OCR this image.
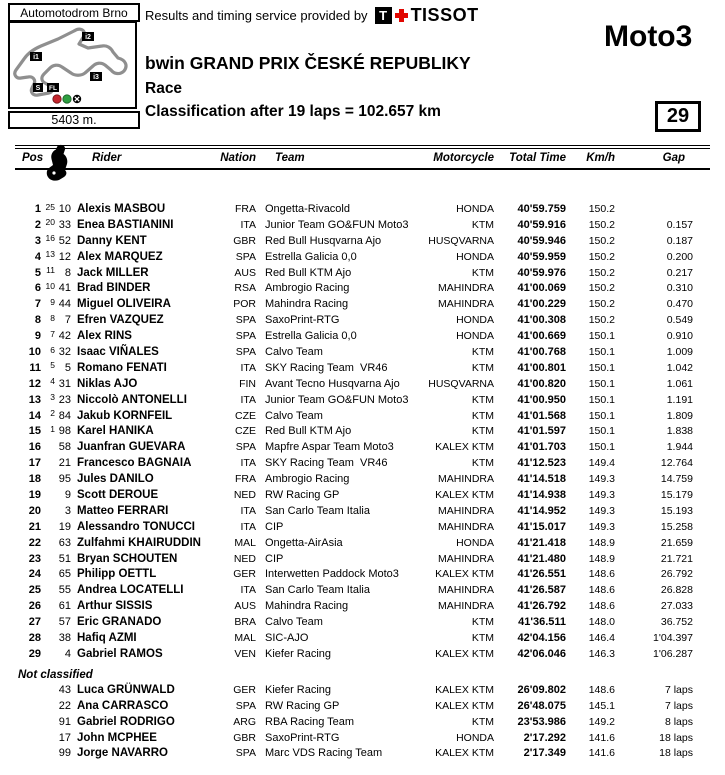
Automotodrom Brno
i1
i2
i3
S FL
5403 m.
Results and timing service provided by T TISSOT
Moto3
bwin GRAND PRIX ČESKÉ REPUBLIKY
Race
Classification after 19 laps = 102.657 km	29
Pos	Rider	Nation	Team	Motorcycle	Total Time	Km/h	Gap
1 25 10 Alexis MASBOU	FRA Ongetta-Rivacold	HONDA	40'59.759	150.2
2 20 33 Enea BASTIANINI	ITA Junior Team GO&FUN Moto3	KTM	40'59.916	150.2	0.157
3 16 52 Danny KENT	GBR Red Bull Husqvarna Ajo	HUSQVARNA	40'59.946	150.2	0.187
4 13 12 Alex MARQUEZ	SPA Estrella Galicia 0,0	HONDA	40'59.959	150.2	0.200
5 11 8 Jack MILLER	AUS Red Bull KTM Ajo	KTM	40'59.976	150.2	0.217
6 10 41 Brad BINDER	RSA Ambrogio Racing	MAHINDRA	41'00.069	150.2	0.310
7	9 44 Miguel OLIVEIRA	POR Mahindra Racing	MAHINDRA	41'00.229	150.2	0.470
8	8 7 Efren VAZQUEZ	SPA SaxoPrint-RTG	HONDA	41'00.308	150.2	0.549
9	7 42 Alex RINS	SPA Estrella Galicia 0,0	HONDA	41'00.669	150.1	0.910
10	6 32 Isaac VIÑALES	SPA Calvo Team	KTM	41'00.768	150.1	1.009
11	5 5 Romano FENATI	ITA SKY Racing Team  VR46	KTM	41'00.801	150.1	1.042
12	4 31 Niklas AJO	FIN Avant Tecno Husqvarna Ajo	HUSQVARNA	41'00.820	150.1	1.061
13	3 23 Niccolò ANTONELLI	ITA Junior Team GO&FUN Moto3	KTM	41'00.950	150.1	1.191
14	2 84 Jakub KORNFEIL	CZE Calvo Team	KTM	41'01.568	150.1	1.809
15	1 98 Karel HANIKA	CZE Red Bull KTM Ajo	KTM	41'01.597	150.1	1.838
16	58 Juanfran GUEVARA	SPA Mapfre Aspar Team Moto3	KALEX KTM	41'01.703	150.1	1.944
17	21 Francesco BAGNAIA	ITA SKY Racing Team  VR46	KTM	41'12.523	149.4	12.764
18	95 Jules DANILO	FRA Ambrogio Racing	MAHINDRA	41'14.518	149.3	14.759
19	9 Scott DEROUE	NED RW Racing GP	KALEX KTM	41'14.938	149.3	15.179
20	3 Matteo FERRARI	ITA San Carlo Team Italia	MAHINDRA	41'14.952	149.3	15.193
21	19 Alessandro TONUCCI	ITA CIP	MAHINDRA	41'15.017	149.3	15.258
22	63 Zulfahmi KHAIRUDDIN	MAL Ongetta-AirAsia	HONDA	41'21.418	148.9	21.659
23	51 Bryan SCHOUTEN	NED CIP	MAHINDRA	41'21.480	148.9	21.721
24	65 Philipp OETTL	GER Interwetten Paddock Moto3	KALEX KTM	41'26.551	148.6	26.792
25	55 Andrea LOCATELLI	ITA San Carlo Team Italia	MAHINDRA	41'26.587	148.6	26.828
26	61 Arthur SISSIS	AUS Mahindra Racing	MAHINDRA	41'26.792	148.6	27.033
27	57 Eric GRANADO	BRA Calvo Team	KTM	41'36.511	148.0	36.752
28	38 Hafiq AZMI	MAL SIC-AJO	KTM	42'04.156	146.4	1'04.397
29	4 Gabriel RAMOS	VEN Kiefer Racing	KALEX KTM	42'06.046	146.3	1'06.287
Not classified
43 Luca GRÜNWALD	GER Kiefer Racing	KALEX KTM	26'09.802	148.6	7 laps
22 Ana CARRASCO	SPA RW Racing GP	KALEX KTM	26'48.075	145.1	7 laps
91 Gabriel RODRIGO	ARG RBA Racing Team	KTM	23'53.986	149.2	8 laps
17 John MCPHEE	GBR SaxoPrint-RTG	HONDA	2'17.292	141.6	18 laps
99 Jorge NAVARRO	SPA Marc VDS Racing Team	KALEX KTM	2'17.349	141.6	18 laps
